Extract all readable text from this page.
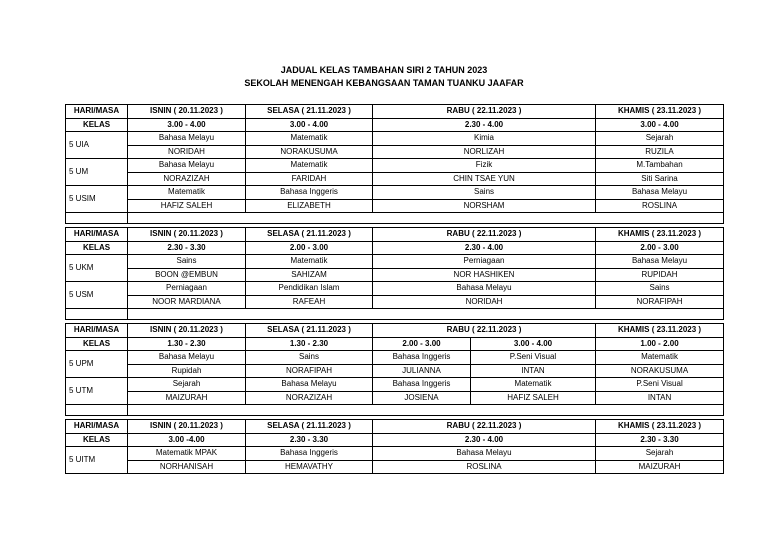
JADUAL KELAS TAMBAHAN SIRI 2 TAHUN 2023
SEKOLAH MENENGAH KEBANGSAAN TAMAN TUANKU JAAFAR
HARI/MASA	ISNIN ( 20.11.2023 )	SELASA ( 21.11.2023 )	RABU ( 22.11.2023 )	KHAMIS ( 23.11.2023 )
KELAS	3.00 - 4.00	3.00 - 4.00	2.30 - 4.00	3.00 - 4.00
5 UIA	Bahasa Melayu	Matematik	Kimia	Sejarah
	NORIDAH	NORAKUSUMA	NORLIZAH	RUZILA
5 UM	Bahasa Melayu	Matematik	Fizik	M.Tambahan
	NORAZIZAH	FARIDAH	CHIN TSAE YUN	Siti Sarina
5 USIM	Matematik	Bahasa Inggeris	Sains	Bahasa Melayu
	HAFIZ SALEH	ELIZABETH	NORSHAM	ROSLINA

HARI/MASA	ISNIN ( 20.11.2023 )	SELASA ( 21.11.2023 )	RABU ( 22.11.2023 )	KHAMIS ( 23.11.2023 )
KELAS	2.30 - 3.30	2.00 - 3.00	2.30 - 4.00	2.00 - 3.00
5 UKM	Sains	Matematik	Perniagaan	Bahasa Melayu
	BOON @EMBUN	SAHIZAM	NOR HASHIKEN	RUPIDAH
5 USM	Perniagaan	Pendidikan Islam	Bahasa Melayu	Sains
	NOOR MARDIANA	RAFEAH	NORIDAH	NORAFIPAH

HARI/MASA	ISNIN ( 20.11.2023 )	SELASA ( 21.11.2023 )	RABU ( 22.11.2023 )		KHAMIS ( 23.11.2023 )
KELAS	1.30 - 2.30	1.30 - 2.30	2.00 - 3.00	3.00 - 4.00	1.00 - 2.00
5 UPM	Bahasa Melayu	Sains	Bahasa Inggeris	P.Seni Visual	Matematik
	Rupidah	NORAFIPAH	JULIANNA	INTAN	NORAKUSUMA
5 UTM	Sejarah	Bahasa Melayu	Bahasa Inggeris	Matematik	P.Seni Visual
	MAIZURAH	NORAZIZAH	JOSIENA	HAFIZ SALEH	INTAN

HARI/MASA	ISNIN ( 20.11.2023 )	SELASA ( 21.11.2023 )	RABU ( 22.11.2023 )	KHAMIS ( 23.11.2023 )
KELAS	3.00 -4.00	2.30 - 3.30	2.30 - 4.00	2.30 - 3.30
5 UITM	Matematik MPAK	Bahasa Inggeris	Bahasa Melayu	Sejarah
	NORHANISAH	HEMAVATHY	ROSLINA	MAIZURAH
